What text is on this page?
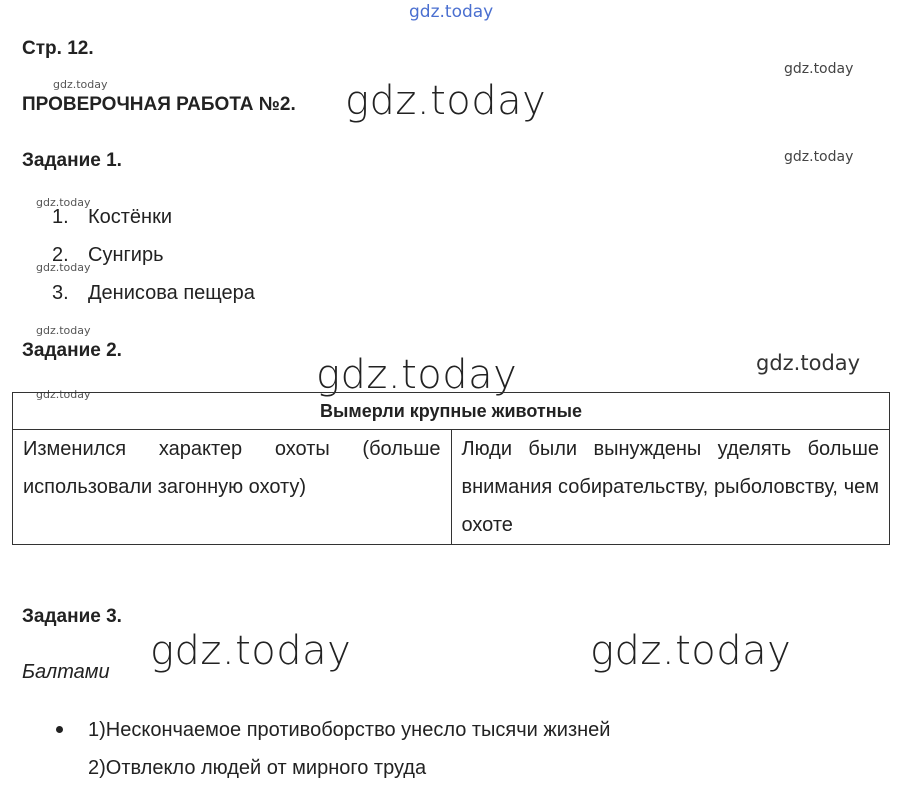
gdz.today
gdz.today
gdz.today
gdz.today
gdz.today
gdz.today
gdz.today
gdz.today
gdz.today
Стр. 12.
ПРОВЕРОЧНАЯ РАБОТА №2. gdz.today
Задание 1.
1. Костёнки
2. Сунгирь
3. Денисова пещера
Задание 2.
gdz.today
Вымерли крупные животные
Изменился характер охоты (больше использовали загонную охоту)	Люди были вынуждены уделять больше внимания собирательству, рыболовству, чем охоте
Задание 3.
gdz.today	gdz.today
Балтами
1)Нескончаемое противоборство унесло тысячи жизней
2)Отвлекло людей от мирного труда
